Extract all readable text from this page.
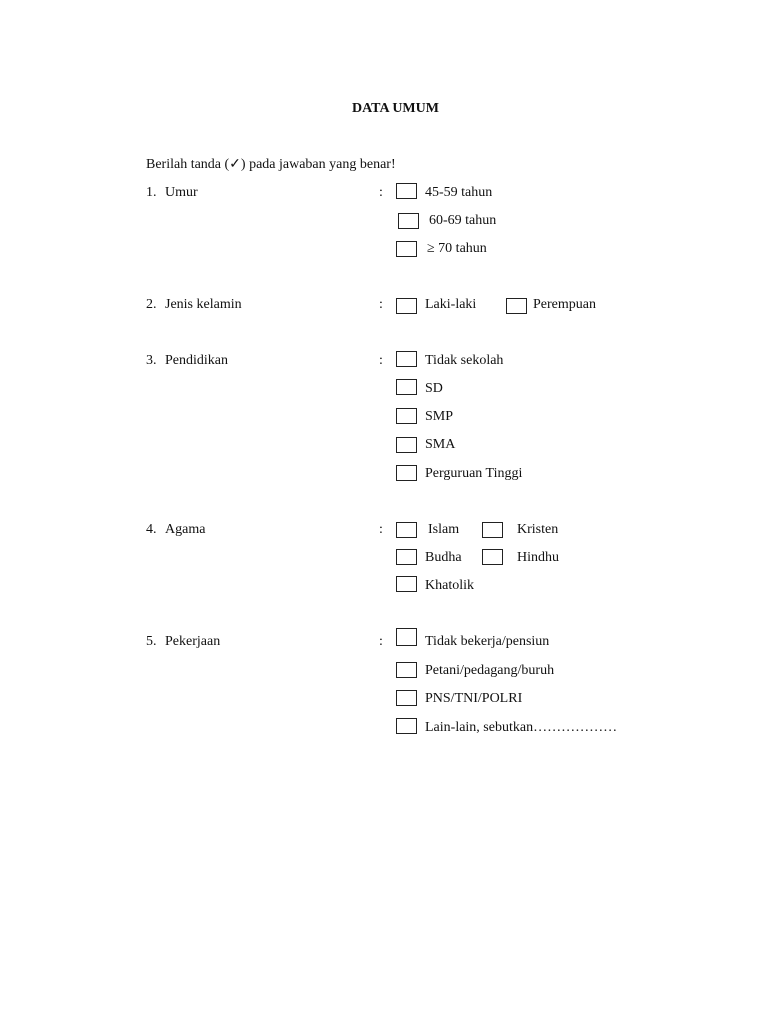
DATA UMUM
Berilah tanda (✓) pada jawaban yang benar!
1. Umur	:	45-59 tahun
60-69 tahun
≥ 70 tahun
2. Jenis kelamin	:	Laki-laki	Perempuan
3. Pendidikan	:	Tidak sekolah
SD
SMP
SMA
Perguruan Tinggi
4. Agama	:	Islam	Kristen
Budha	Hindhu
Khatolik
5. Pekerjaan	:	Tidak bekerja/pensiun
Petani/pedagang/buruh
PNS/TNI/POLRI
Lain-lain, sebutkan………………
